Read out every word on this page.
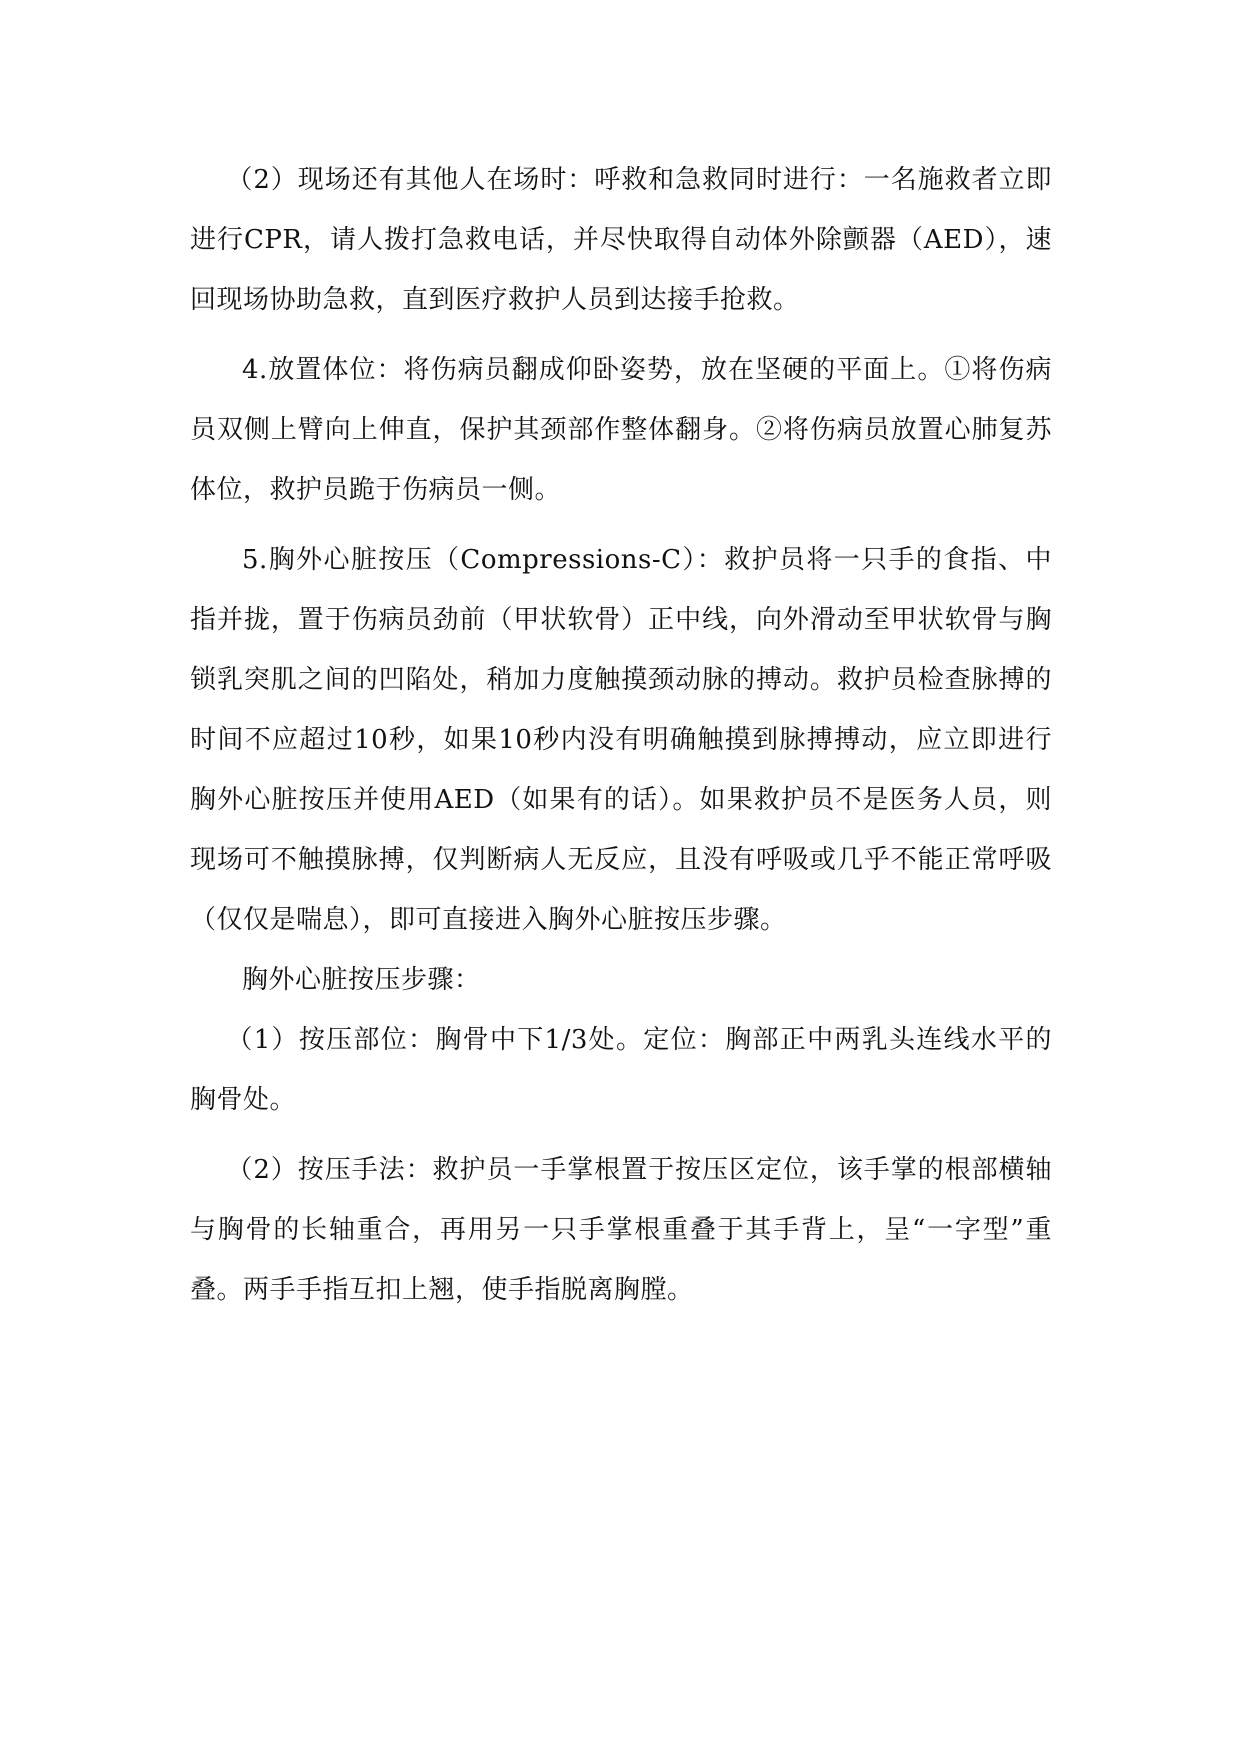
（2）现场还有其他人在场时：呼救和急救同时进行：一名施救者立即进行CPR，请人拨打急救电话，并尽快取得自动体外除颤器（AED），速回现场协助急救，直到医疗救护人员到达接手抢救。

4.放置体位：将伤病员翻成仰卧姿势，放在坚硬的平面上。①将伤病员双侧上臂向上伸直，保护其颈部作整体翻身。②将伤病员放置心肺复苏体位，救护员跪于伤病员一侧。

5.胸外心脏按压（Compressions-C）：救护员将一只手的食指、中指并拢，置于伤病员劲前（甲状软骨）正中线，向外滑动至甲状软骨与胸锁乳突肌之间的凹陷处，稍加力度触摸颈动脉的搏动。救护员检查脉搏的时间不应超过10秒，如果10秒内没有明确触摸到脉搏搏动，应立即进行胸外心脏按压并使用AED（如果有的话）。如果救护员不是医务人员，则现场可不触摸脉搏，仅判断病人无反应，且没有呼吸或几乎不能正常呼吸（仅仅是喘息），即可直接进入胸外心脏按压步骤。

胸外心脏按压步骤：

（1）按压部位：胸骨中下1/3处。定位：胸部正中两乳头连线水平的胸骨处。

（2）按压手法：救护员一手掌根置于按压区定位，该手掌的根部横轴与胸骨的长轴重合，再用另一只手掌根重叠于其手背上，呈“一字型”重叠。两手手指互扣上翘，使手指脱离胸膛。
